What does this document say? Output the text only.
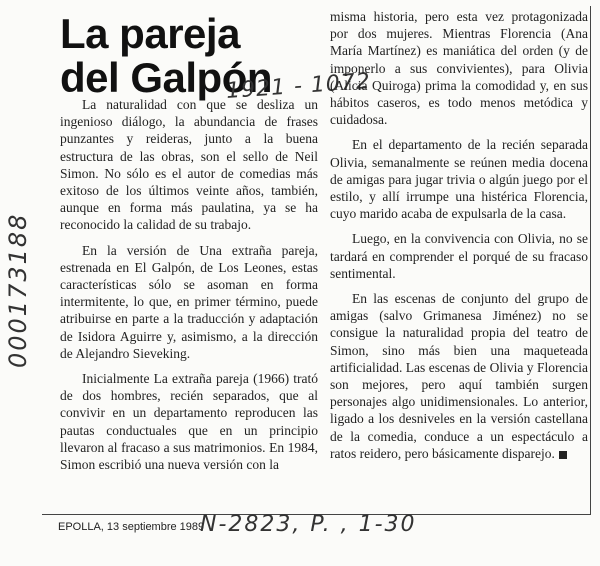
La pareja
del Galpón
1921 - 1072
000173188

La naturalidad con que se desliza un ingenioso diálogo, la abundancia de frases punzantes y reideras, junto a la buena estructura de las obras, son el sello de Neil Simon. No sólo es el autor de comedias más exitoso de los últimos veinte años, también, aunque en forma más paulatina, ya se ha reconocido la calidad de su trabajo.

En la versión de Una extraña pareja, estrenada en El Galpón, de Los Leones, estas características sólo se asoman en forma intermitente, lo que, en primer término, puede atribuirse en parte a la traducción y adaptación de Isidora Aguirre y, asimismo, a la dirección de Alejandro Sieveking.

Inicialmente La extraña pareja (1966) trató de dos hombres, recién separados, que al convivir en un departamento reproducen las pautas conductuales que en un principio llevaron al fracaso a sus matrimonios. En 1984, Simon escribió una nueva versión con la

misma historia, pero esta vez protagonizada por dos mujeres. Mientras Florencia (Ana María Martínez) es maniática del orden (y de imponerlo a sus convivientes), para Olivia (Alicia Quiroga) prima la comodidad y, en sus hábitos caseros, es todo menos metódica y cuidadosa.

En el departamento de la recién separada Olivia, semanalmente se reúnen media docena de amigas para jugar trivia o algún juego por el estilo, y allí irrumpe una histérica Florencia, cuyo marido acaba de expulsarla de la casa.

Luego, en la convivencia con Olivia, no se tardará en comprender el porqué de su fracaso sentimental.

En las escenas de conjunto del grupo de amigas (salvo Grimanesa Jiménez) no se consigue la naturalidad propia del teatro de Simon, sino más bien una maqueteada artificialidad. Las escenas de Olivia y Florencia son mejores, pero aquí también surgen personajes algo unidimensionales. Lo anterior, ligado a los desniveles en la versión castellana de la comedia, conduce a un espectáculo a ratos reidero, pero básicamente disparejo.

EPOLLA, 13 septiembre 1989
N-2823, P. , 1-30
